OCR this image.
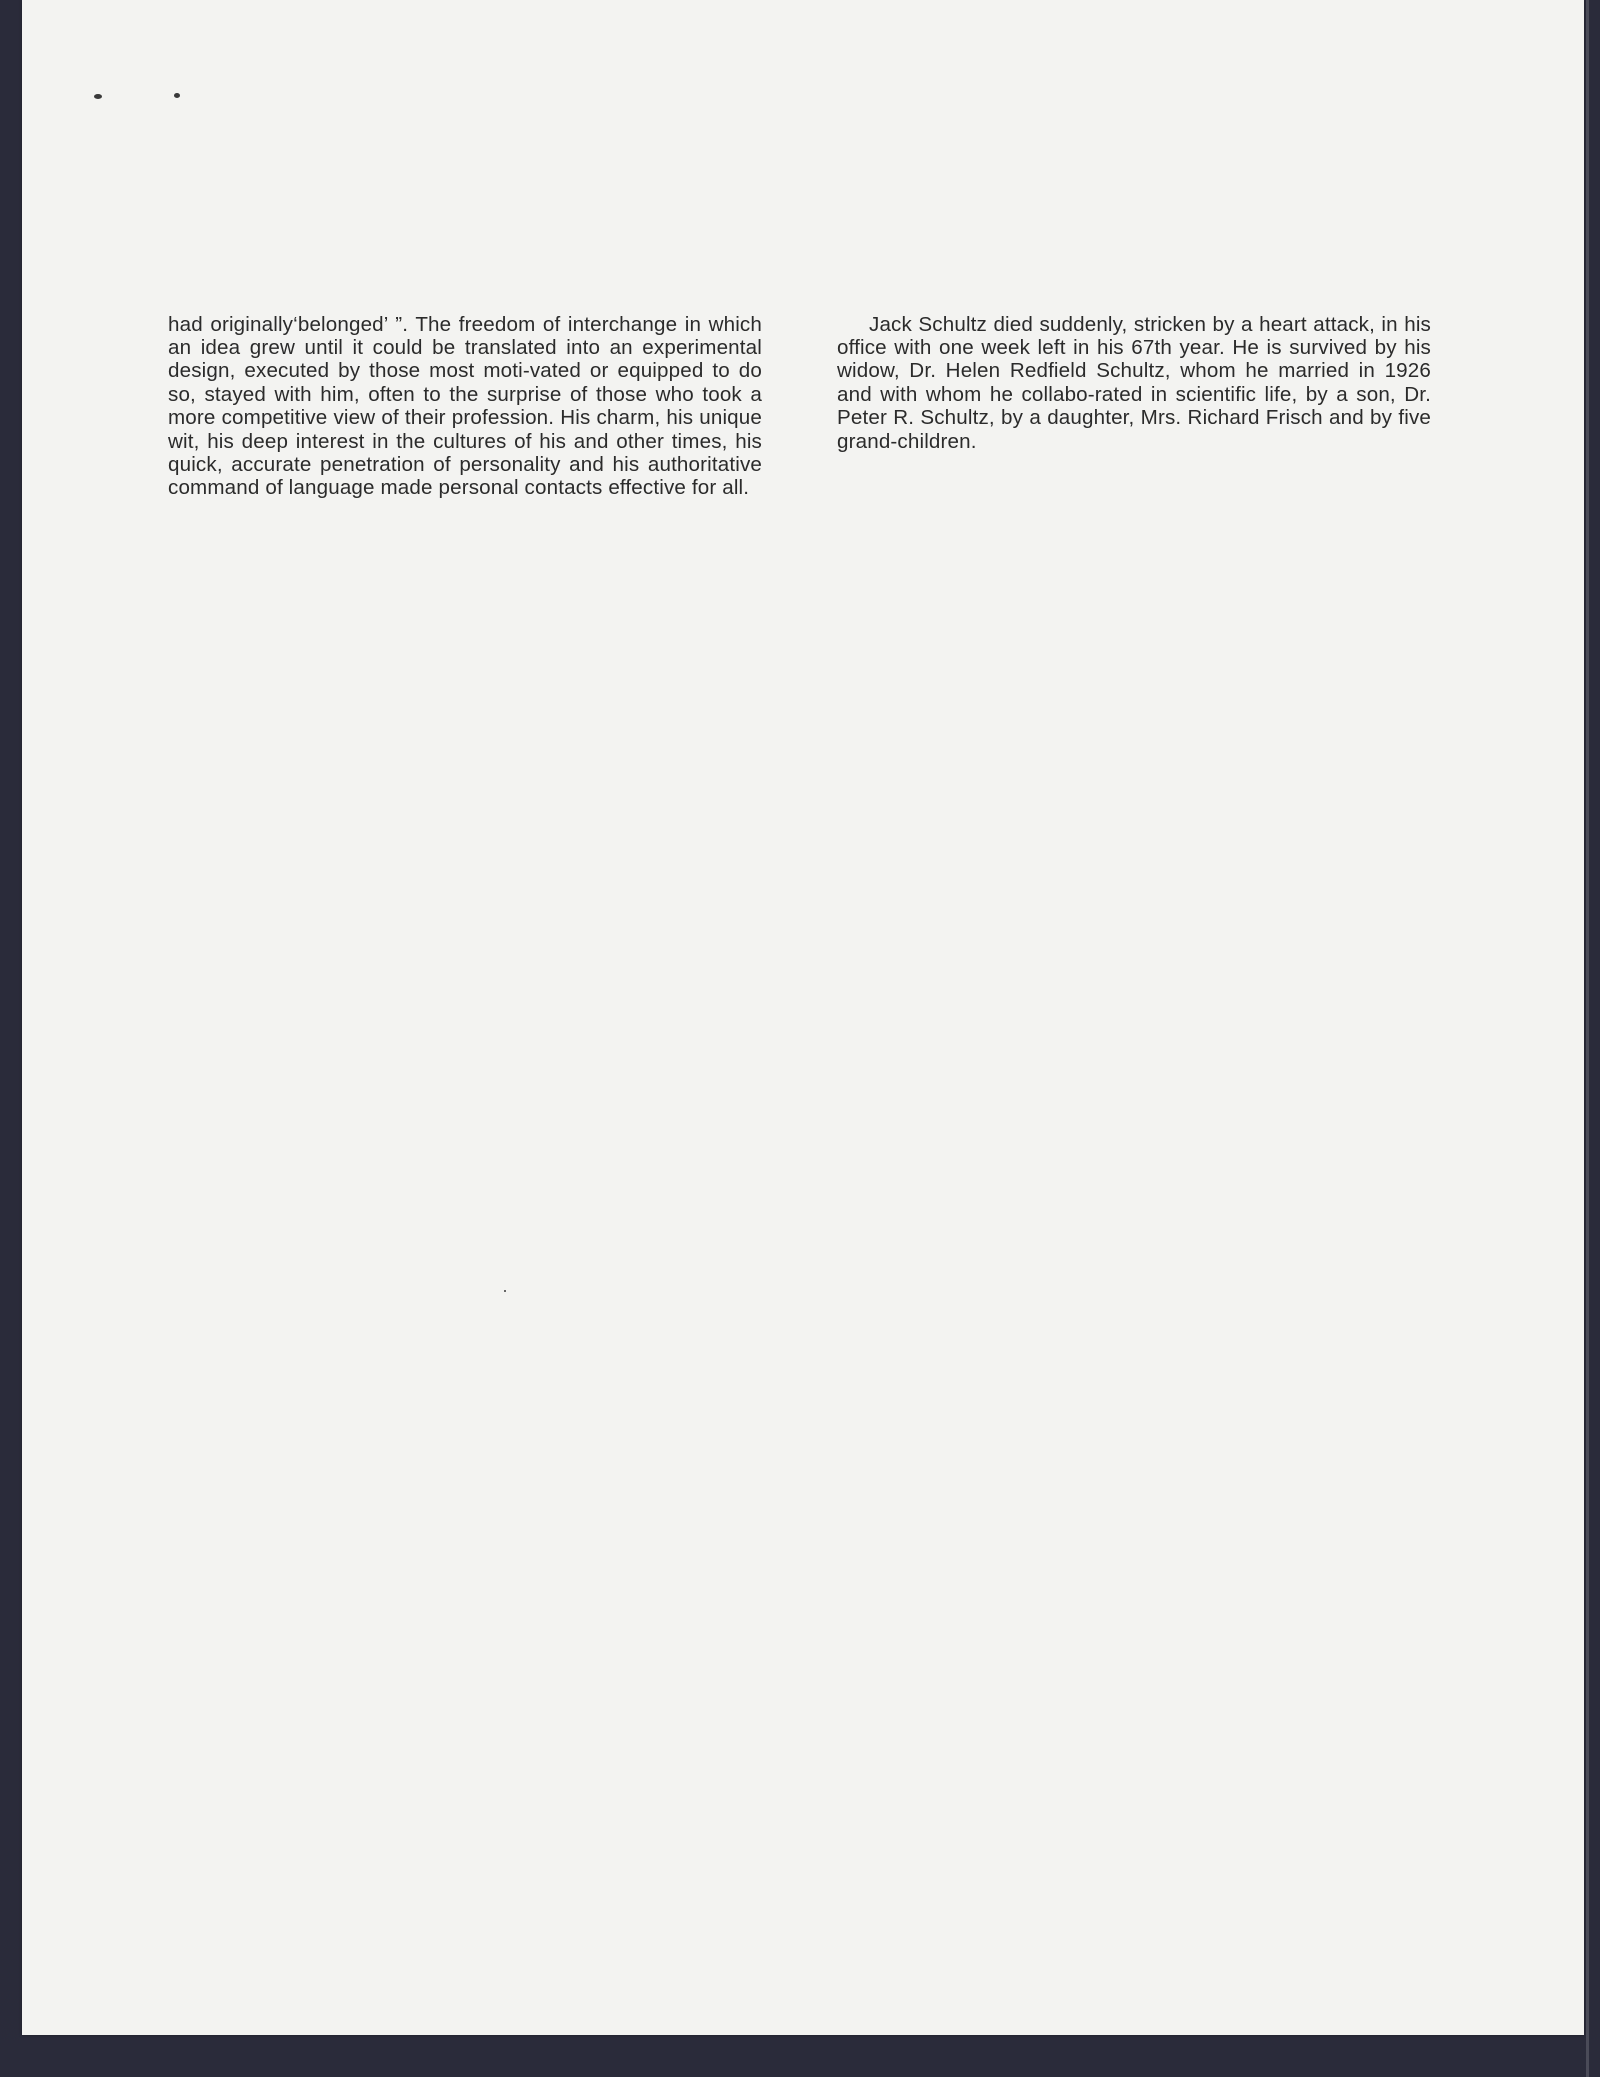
had originally‘belonged’ ”. The freedom of interchange in which an idea grew until it could be translated into an experimental design, executed by those most moti-vated or equipped to do so, stayed with him, often to the surprise of those who took a more competitive view of their profession. His charm, his unique wit, his deep interest in the cultures of his and other times, his quick, accurate penetration of personality and his authoritative command of language made personal contacts effective for all.

Jack Schultz died suddenly, stricken by a heart attack, in his office with one week left in his 67th year. He is survived by his widow, Dr. Helen Redfield Schultz, whom he married in 1926 and with whom he collabo-rated in scientific life, by a son, Dr. Peter R. Schultz, by a daughter, Mrs. Richard Frisch and by five grand-children.
